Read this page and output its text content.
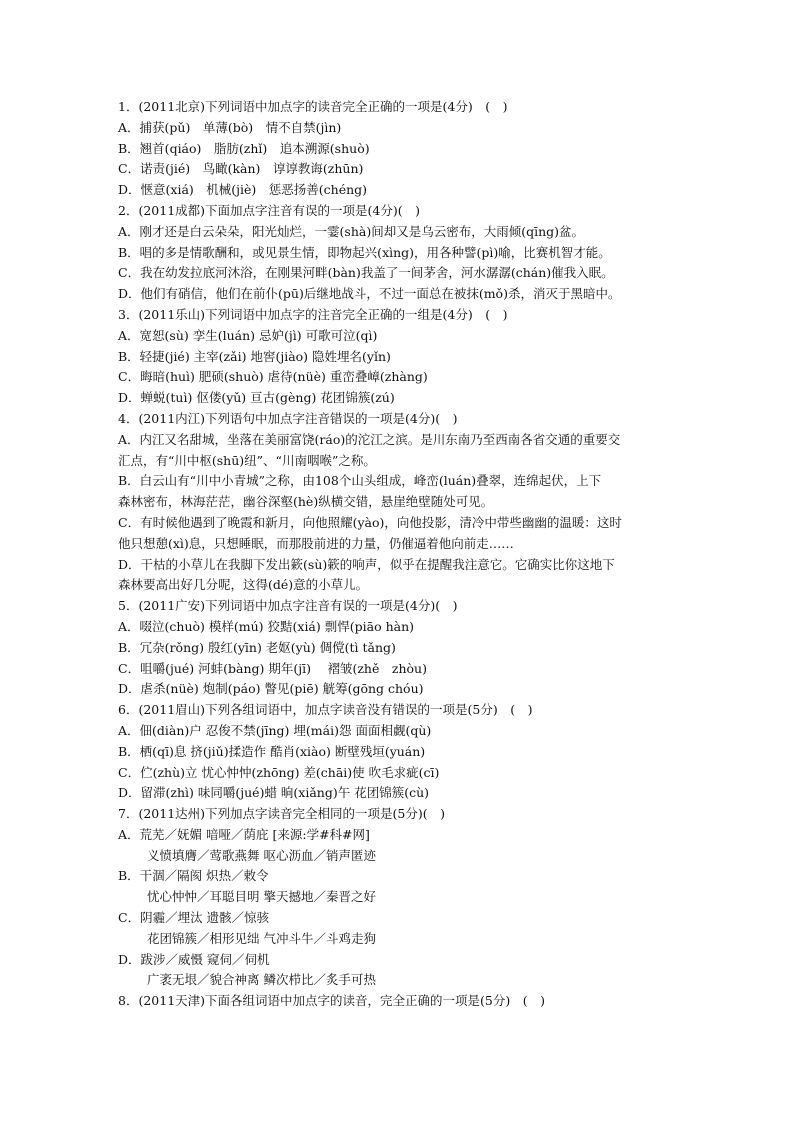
1．(2011北京)下列词语中加点字的读音完全正确的一项是(4分)　(　)
A．捕获(pǔ)　单薄(bò)　情不自禁(jìn)
B．翘首(qiáo)　脂肪(zhǐ)　追本溯源(shuò)
C．诺责(jié)　鸟瞰(kàn)　谆谆教诲(zhūn)
D．惬意(xiá)　机械(jiè)　惩恶扬善(chéng)
2．(2011成都)下面加点字注音有误的一项是(4分)(　)
A．刚才还是白云朵朵，阳光灿烂，一霎(shà)间却又是乌云密布，大雨倾(qīng)盆。
B．唱的多是情歌酬和，或见景生情，即物起兴(xìng)，用各种譬(pì)喻，比赛机智才能。
C．我在幼发拉底河沐浴，在刚果河畔(bàn)我盖了一间茅舍，河水潺潺(chán)催我入眠。
D．他们有硝信，他们在前仆(pū)后继地战斗，不过一面总在被抹(mǒ)杀，消灭于黑暗中。
3．(2011乐山)下列词语中加点字的注音完全正确的一组是(4分)　(　)
A．宽恕(sù) 孪生(luán) 忌妒(jì) 可歌可泣(qì)
B．轻捷(jié) 主宰(zǎi) 地窖(jiào) 隐姓埋名(yǐn)
C．晦暗(huì) 肥硕(shuò) 虐待(nüè) 重峦叠嶂(zhàng)
D．蝉蜕(tuì) 伛偻(yǔ) 亘古(gèng) 花团锦簇(zú)
4．(2011内江)下列语句中加点字注音错误的一项是(4分)(　)
A．内江又名甜城，坐落在美丽富饶(ráo)的沱江之滨。是川东南乃至西南各省交通的重要交
汇点，有“川中枢(shū)纽”、“川南咽喉”之称。
B．白云山有“川中小青城”之称，由108个山头组成，峰峦(luán)叠翠，连绵起伏，上下
森林密布，林海茫茫，幽谷深壑(hè)纵横交错，悬崖绝壁随处可见。
C．有时候他遇到了晚霞和新月，向他照耀(yào)，向他投影，清冷中带些幽幽的温暖：这时
他只想憩(xì)息，只想睡眠，而那股前进的力量，仍催逼着他向前走……
D．干枯的小草儿在我脚下发出簌(sù)簌的响声，似乎在提醒我注意它。它确实比你这地下
森林要高出好几分呢，这得(dé)意的小草儿。
5．(2011广安)下列词语中加点字注音有误的一项是(4分)(　)
A．啜泣(chuò) 模样(mú) 狡黠(xiá) 剽悍(piāo hàn)
B．冗杂(rǒng) 殷红(yīn) 老妪(yù) 倜傥(tì tǎng)
C．咀嚼(jué) 河蚌(bàng) 期年(jī)　 褶皱(zhě　zhòu)
D．虐杀(nüè) 炮制(páo) 瞥见(piē) 觥筹(gōng chóu)
6．(2011眉山)下列各组词语中，加点字读音没有错误的一项是(5分)　(　)
A．佃(diàn)户 忍俊不禁(jīng) 埋(mái)怨 面面相觑(qù)
B．栖(qī)息 挤(jiǔ)揉造作 酷肖(xiào) 断壁残垣(yuán)
C．伫(zhù)立 忧心忡忡(zhōng) 差(chāi)使 吹毛求疵(cī)
D．留滞(zhì) 味同嚼(jué)蜡 晌(xiǎng)午 花团锦簇(cù)
7．(2011达州)下列加点字读音完全相同的一项是(5分)(　)
A．荒芜／妩媚 喑哑／荫庇 [来源:学#科#网]
义愤填膺／莺歌燕舞 呕心沥血／销声匿迹
B．干涸／隔阂 炽热／敕令
忧心忡忡／耳聪目明 擎天撼地／秦晋之好
C．阴霾／埋汰 遗骸／惊骇
花团锦簇／相形见绌 气冲斗牛／斗鸡走狗
D．跋涉／威慑 窥伺／伺机
广袤无垠／貌合神离 鳞次栉比／炙手可热
8．(2011天津)下面各组词语中加点字的读音，完全正确的一项是(5分)　(　)
